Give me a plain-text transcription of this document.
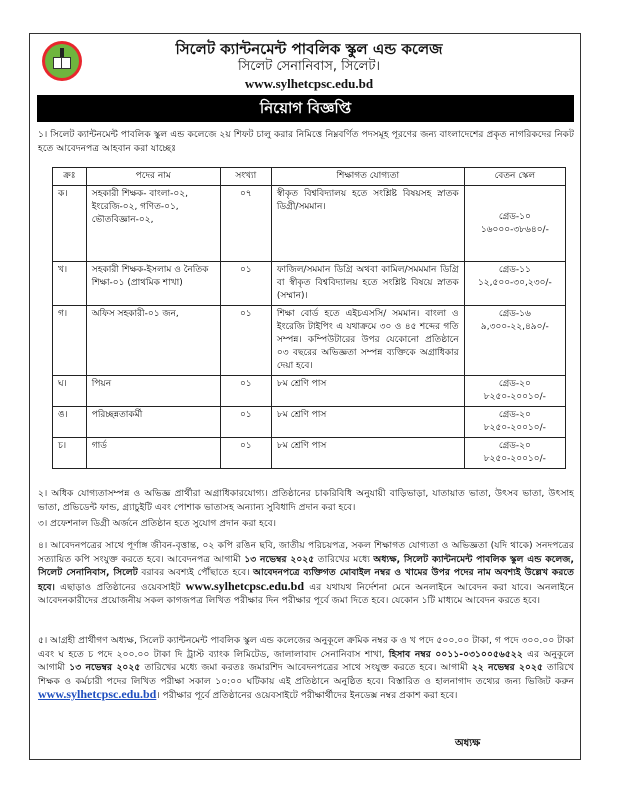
সিলেট ক্যান্টনমেন্ট পাবলিক স্কুল এন্ড কলেজ
সিলেট সেনানিবাস, সিলেট।
www.sylhetcpsc.edu.bd
নিয়োগ বিজ্ঞপ্তি
১। সিলেট ক্যান্টনমেন্ট পাবলিক স্কুল এন্ড কলেজে ২য় শিফট চালু করার নিমিত্তে নিম্নবর্ণিত পদসমূহ পূরণের জন্য বাংলাদেশের প্রকৃত নাগরিকদের নিকট হতে আবেদনপত্র আহবান করা যাচ্ছেঃ
ক্রঃ	পদের নাম	সংখ্যা	শিক্ষাগত যোগ্যতা	বেতন স্কেল
ক।	সহকারী শিক্ষক- বাংলা-০২, ইংরেজি-০২, গণিত-০১, ভৌতবিজ্ঞান-০২,	০৭	স্বীকৃত বিশ্ববিদ্যালয় হতে সংশ্লিষ্ট বিষয়সহ স্নাতক ডিগ্রী/সমমান।	গ্রেড-১০
১৬০০০-৩৮৬৪০/-

খ।	সহকারী শিক্ষক-ইসলাম ও নৈতিক শিক্ষা-০১ (প্রাথমিক শাখা)	০১	ফাজিল/সমমান ডিগ্রি অথবা কামিল/সমমমান ডিগ্রি বা স্বীকৃত বিশ্ববিদ্যালয় হতে সংশ্লিষ্ট বিষয়ে স্নাতক (সম্মান)।	গ্রেড-১১
১২,৫০০-৩০,২৩০/-

গ।	অফিস সহকারী-০১ জন,	০১	শিক্ষা বোর্ড হতে এইচএসসি/ সমমান। বাংলা ও ইংরেজি টাইপিং এ যথাক্রমে ৩০ ও ৪৫ শব্দের গতি সম্পন্ন। কম্পিউটারের উপর যেকোনো প্রতিষ্ঠানে ০৩ বছরের অভিজ্ঞতা সম্পন্ন ব্যক্তিকে অগ্রাধিকার দেয়া হবে।	গ্রেড-১৬
৯,৩০০-২২,৪৯০/-

ঘ।	পিয়ন	০১	৮ম শ্রেণি পাস	গ্রেড-২০
৮২৫০-২০০১০/-

ঙ।	পরিচ্ছন্নতাকর্মী	০১	৮ম শ্রেণি পাস	গ্রেড-২০
৮২৫০-২০০১০/-

চ।	গার্ড	০১	৮ম শ্রেণি পাস	গ্রেড-২০
৮২৫০-২০০১০/-
২। অধিক যোগ্যতাসম্পন্ন ও অভিজ্ঞ প্রার্থীরা অগ্রাধিকারযোগ্য। প্রতিষ্ঠানের চাকরিবিধি অনুযায়ী বাড়িভাড়া, যাতায়াত ভাতা, উৎসব ভাতা, উৎসাহ ভাতা, প্রভিডেন্ট ফান্ড, গ্র্যাচুইটি এবং পোশাক ভাতাসহ অন্যান্য সুবিধাদি প্রদান করা হবে।
৩। প্রফেশনাল ডিগ্রী অর্জনে প্রতিষ্ঠান হতে সুযোগ প্রদান করা হবে।
৪। আবেদনপত্রের সাথে পূর্ণাঙ্গ জীবন-বৃত্তান্ত, ০২ কপি রঙিন ছবি, জাতীয় পরিচয়পত্র, সকল শিক্ষাগত যোগ্যতা ও অভিজ্ঞতা (যদি থাকে) সনদপত্রের সত্যায়িত কপি সংযুক্ত করতে হবে। আবেদনপত্র আগামী ১৩ নভেম্বর ২০২৫ তারিখের মধ্যে অধ্যক্ষ, সিলেট ক্যান্টনমেন্ট পাবলিক স্কুল এন্ড কলেজ, সিলেট সেনানিবাস, সিলেট বরাবর অবশ্যই পৌঁছাতে হবে। আবেদনপত্রে ব্যক্তিগত মোবাইল নম্বর ও খামের উপর পদের নাম অবশ্যই উল্লেখ করতে হবে। এছাড়াও প্রতিষ্ঠানের ওয়েবসাইট www.sylhetcpsc.edu.bd এর যথাযথ নির্দেশনা মেনে অনলাইনে আবেদন করা যাবে। অনলাইনে আবেদনকারীদের প্রয়োজনীয় সকল কাগজপত্র লিখিত পরীক্ষার দিন পরীক্ষার পূর্বে জমা দিতে হবে। যেকোন ১টি মাধ্যমে আবেদন করতে হবে।
৫। আগ্রহী প্রার্থীগণ অধ্যক্ষ, সিলেট ক্যান্টনমেন্ট পাবলিক স্কুল এন্ড কলেজের অনুকূলে ক্রমিক নম্বর ক ও খ পদে ৫০০.০০ টাকা, গ পদে ৩০০.০০ টাকা এবং ঘ হতে চ পদে ২০০.০০ টাকা দি ট্রাস্ট ব্যাংক লিমিটেড, জালালাবাদ সেনানিবাস শাখা, হিসাব নম্বর ০০১১-০৩১০০৫৬৫২২ এর অনুকূলে আগামী ১৩ নভেম্বর ২০২৫ তারিখের মধ্যে জমা করতঃ জমারশিদ আবেদনপত্রের সাথে সংযুক্ত করতে হবে। আগামী ২২ নভেম্বর ২০২৫ তারিখে শিক্ষক ও কর্মচারী পদের লিখিত পরীক্ষা সকাল ১০:০০ ঘটিকায় এই প্রতিষ্ঠানে অনুষ্ঠিত হবে। বিস্তারিত ও হালনাগাদ তথ্যের জন্য ভিজিট করুন www.sylhetcpsc.edu.bd। পরীক্ষার পূর্বে প্রতিষ্ঠানের ওয়েবসাইটে পরীক্ষার্থীদের ইনডেক্স নম্বর প্রকাশ করা হবে।
অধ্যক্ষ
